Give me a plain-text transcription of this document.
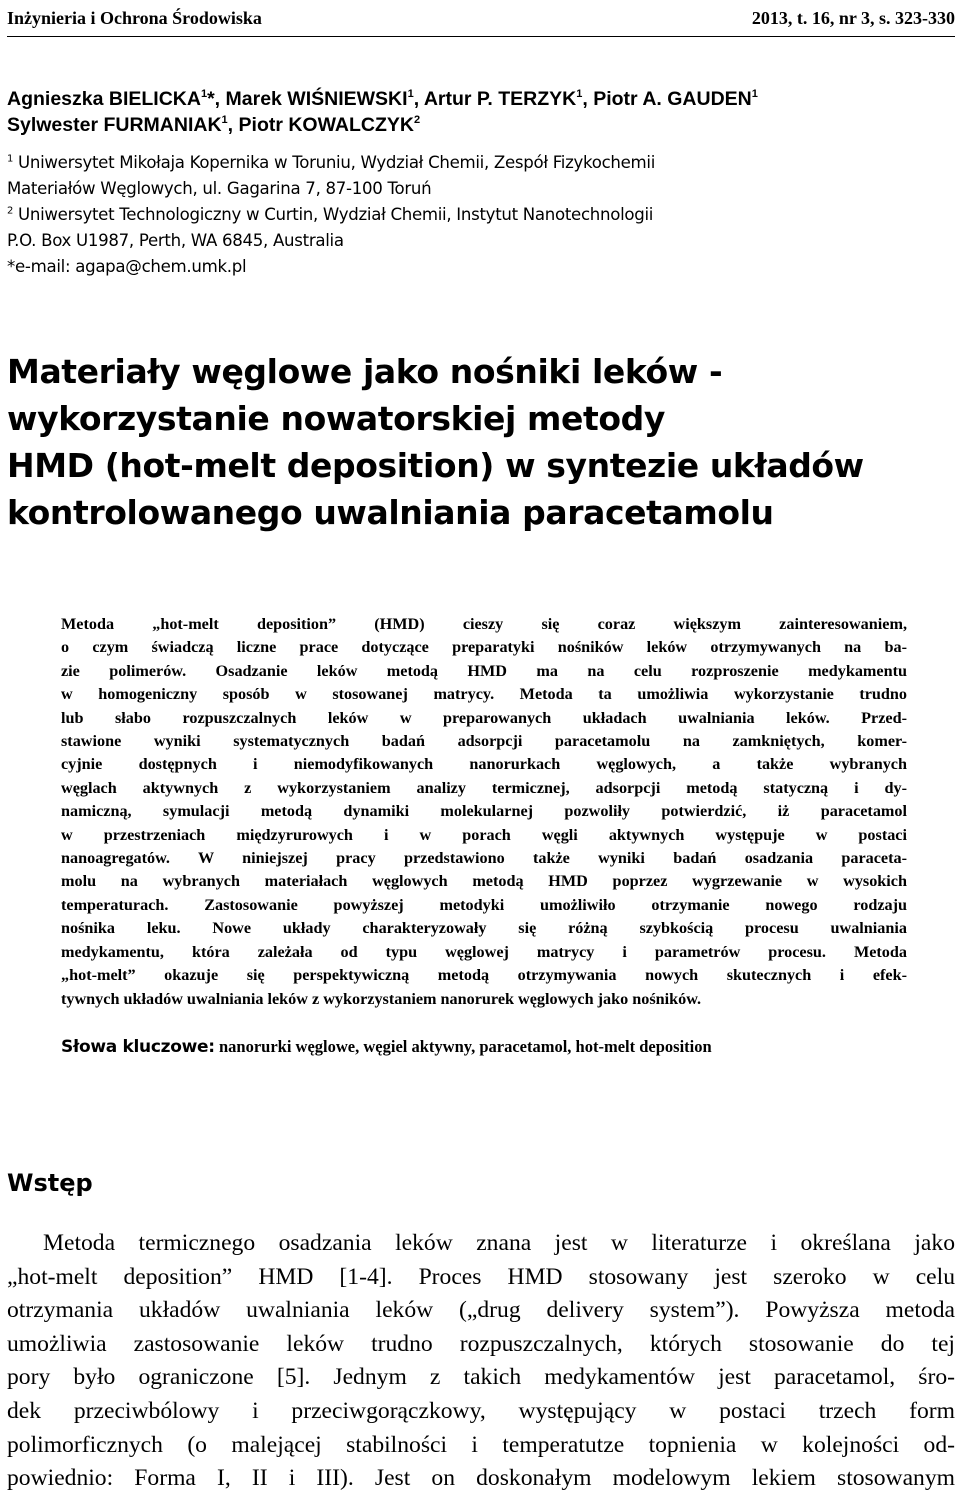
Inżynieria i Ochrona Środowiska	2013, t. 16, nr 3, s. 323-330
Agnieszka BIELICKA$^1$*, Marek WIŚNIEWSKI$^1$, Artur P. TERZYK$^1$, Piotr A. GAUDEN$^1$
Sylwester FURMANIAK$^1$, Piotr KOWALCZYK$^2$
$^1$ Uniwersytet Mikołaja Kopernika w Toruniu, Wydział Chemii, Zespół Fizykochemii
Materiałów Węglowych, ul. Gagarina 7, 87-100 Toruń
$^2$ Uniwersytet Technologiczny w Curtin, Wydział Chemii, Instytut Nanotechnologii
P.O. Box U1987, Perth, WA 6845, Australia
*e-mail: agapa@chem.umk.pl
Materiały węglowe jako nośniki leków -
wykorzystanie nowatorskiej metody
HMD (hot-melt deposition) w syntezie układów
kontrolowanego uwalniania paracetamolu
Metoda „hot-melt deposition” (HMD) cieszy się coraz większym zainteresowaniem,
o czym świadczą liczne prace dotyczące preparatyki nośników leków otrzymywanych na ba-
zie polimerów. Osadzanie leków metodą HMD ma na celu rozproszenie medykamentu
w homogeniczny sposób w stosowanej matrycy. Metoda ta umożliwia wykorzystanie trudno
lub słabo rozpuszczalnych leków w preparowanych układach uwalniania leków. Przed-
stawione wyniki systematycznych badań adsorpcji paracetamolu na zamkniętych, komer-
cyjnie dostępnych i niemodyfikowanych nanorurkach węglowych, a także wybranych
węglach aktywnych z wykorzystaniem analizy termicznej, adsorpcji metodą statyczną i dy-
namiczną, symulacji metodą dynamiki molekularnej pozwoliły potwierdzić, iż paracetamol
w przestrzeniach międzyrurowych i w porach węgli aktywnych występuje w postaci
nanoagregatów. W niniejszej pracy przedstawiono także wyniki badań osadzania paraceta-
molu na wybranych materiałach węglowych metodą HMD poprzez wygrzewanie w wysokich
temperaturach. Zastosowanie powyższej metodyki umożliwiło otrzymanie nowego rodzaju
nośnika leku. Nowe układy charakteryzowały się różną szybkością procesu uwalniania
medykamentu, która zależała od typu węglowej matrycy i parametrów procesu. Metoda
„hot-melt” okazuje się perspektywiczną metodą otrzymywania nowych skutecznych i efek-
tywnych układów uwalniania leków z wykorzystaniem nanorurek węglowych jako nośników.
Słowa kluczowe: nanorurki węglowe, węgiel aktywny, paracetamol, hot-melt deposition
Wstęp
Metoda termicznego osadzania leków znana jest w literaturze i określana jako
„hot-melt deposition” HMD [1-4]. Proces HMD stosowany jest szeroko w celu
otrzymania układów uwalniania leków („drug delivery system”). Powyższa metoda
umożliwia zastosowanie leków trudno rozpuszczalnych, których stosowanie do tej
pory było ograniczone [5]. Jednym z takich medykamentów jest paracetamol, śro-
dek przeciwbólowy i przeciwgorączkowy, występujący w postaci trzech form
polimorficznych (o malejącej stabilności i temperatutze topnienia w kolejności od-
powiednio: Forma I, II i III). Jest on doskonałym modelowym lekiem stosowanym
